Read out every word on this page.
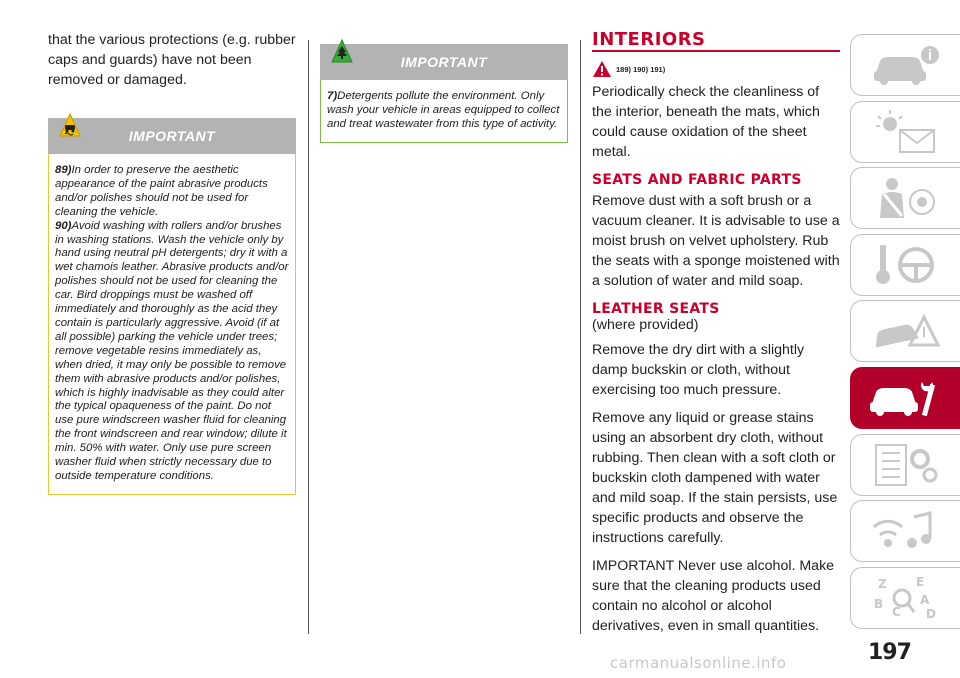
that the various protections (e.g. rubber caps and guards) have not been removed or damaged.

IMPORTANT

89)In order to preserve the aesthetic appearance of the paint abrasive products and/or polishes should not be used for cleaning the vehicle.

90)Avoid washing with rollers and/or brushes in washing stations. Wash the vehicle only by hand using neutral pH detergents; dry it with a wet chamois leather. Abrasive products and/or polishes should not be used for cleaning the car. Bird droppings must be washed off immediately and thoroughly as the acid they contain is particularly aggressive. Avoid (if at all possible) parking the vehicle under trees; remove vegetable resins immediately as, when dried, it may only be possible to remove them with abrasive products and/or polishes, which is highly inadvisable as they could alter the typical opaqueness of the paint. Do not use pure windscreen washer fluid for cleaning the front windscreen and rear window; dilute it min. 50% with water. Only use pure screen washer fluid when strictly necessary due to outside temperature conditions.

IMPORTANT

7)Detergents pollute the environment. Only wash your vehicle in areas equipped to collect and treat wastewater from this type of activity.

INTERIORS
189) 190) 191)

Periodically check the cleanliness of the interior, beneath the mats, which could cause oxidation of the sheet metal.

SEATS AND FABRIC PARTS

Remove dust with a soft brush or a vacuum cleaner. It is advisable to use a moist brush on velvet upholstery. Rub the seats with a sponge moistened with a solution of water and mild soap.

LEATHER SEATS

(where provided)

Remove the dry dirt with a slightly damp buckskin or cloth, without exercising too much pressure.

Remove any liquid or grease stains using an absorbent dry cloth, without rubbing. Then clean with a soft cloth or buckskin cloth dampened with water and mild soap. If the stain persists, use specific products and observe the instructions carefully.

IMPORTANT Never use alcohol. Make sure that the cleaning products used contain no alcohol or alcohol derivatives, even in small quantities.

Z E
B	A
C D
197
carmanualsonline.info
